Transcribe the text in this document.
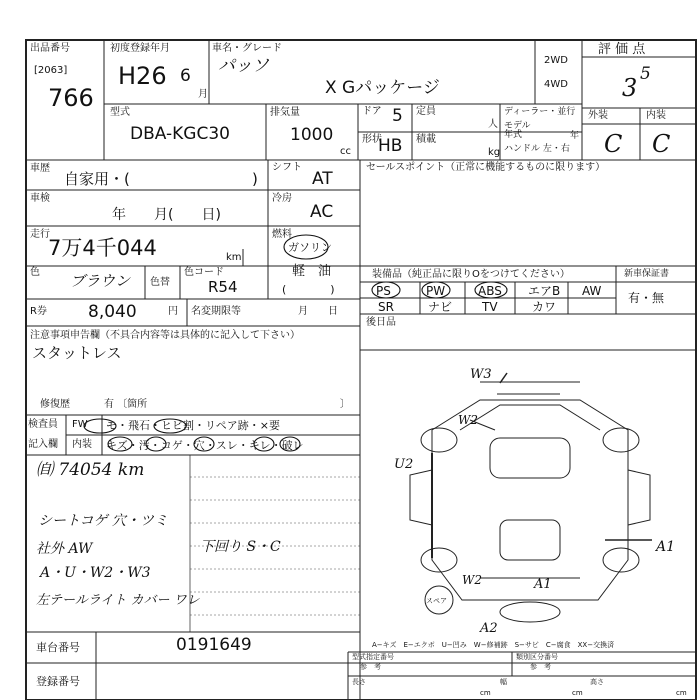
出品番号
[2063]
766
初度登録年月
H26 6
月
車名・グレード
パッソ
X Gパッケージ
2WD
4WD
評 価 点
3 5
型式
DBA-KGC30
排気量
1000
cc
ドア 5 定員
人
形状
HB 積載
kg
ディーラー・並行
モデル
年式	年
ハンドル 左・右
外装	内装
C C
車歴
自家用・(	)
シフト
AT
車検
年　　月(　　日)
冷房
AC
走行
7万4千044	km
燃料
ガソリン
軽　油
(　　　　)
色 ブラウン 色替
色コード
R54
R券 8,040	円 名変期限等	月　　日
セールスポイント（正常に機能するものに限ります）
装備品（純正品に限りOをつけてください）
PS	PW	ABS エアB AW
SR	ナビ TV	カワ
新車保証書
有・無
後日品
注意事項申告欄（不具合内容等は具体的に記入して下さい）
スタットレス
修復歴	有 〔箇所	〕
検査員
記入欄
FW
内装
モ・飛石・ヒビ割・リペア跡・×要
キズ・汚・コゲ・穴・スレ・キレ・破レ
㉂ 74054 km
シートコゲ 穴・ツミ
社外 AW
A・U・W2・W3
左テールライト カバー ワレ
下回り S・C
W3
W2
U2
A1
A1
W2
A2
スペア
A−キズ　E−エクボ　U−凹み　W−修補跡　S−サビ　C−腐食　XX−交換済
車台番号	0191649
登録番号
型式指定番号
参　考
類別区分番号
参　考
長さ
cm
幅
cm
高さ
cm
